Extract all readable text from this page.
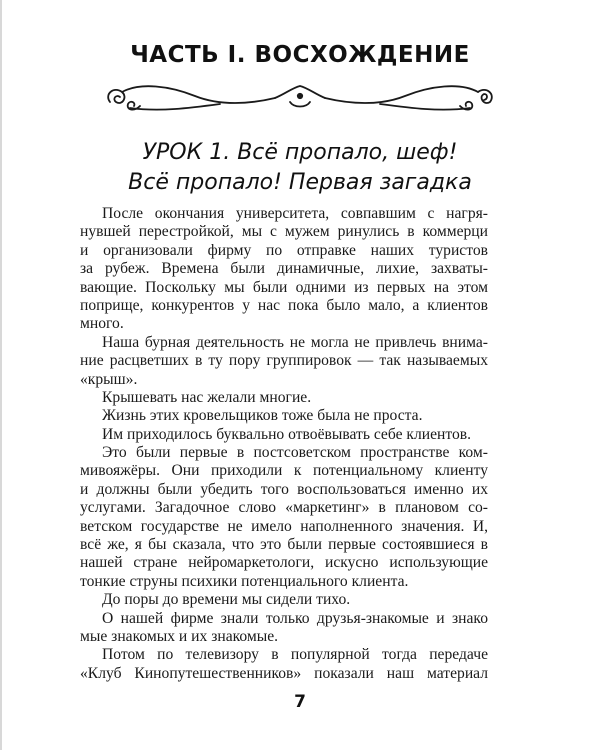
ЧАСТЬ I. ВОСХОЖДЕНИЕ
УРОК 1. Всё пропало, шеф!
Всё пропало! Первая загадка
После окончания университета, совпавшим с нагря-
нувшей перестройкой, мы с мужем ринулись в коммерци
и организовали фирму по отправке наших туристов
за рубеж. Времена были динамичные, лихие, захваты-
вающие. Поскольку мы были одними из первых на этом
поприще, конкурентов у нас пока было мало, а клиентов
много.
Наша бурная деятельность не могла не привлечь внима-
ние расцветших в ту пору группировок — так называемых
«крыш».
Крышевать нас желали многие.
Жизнь этих кровельщиков тоже была не проста.
Им приходилось буквально отвоёвывать себе клиентов.
Это были первые в постсоветском пространстве ком-
мивояжёры. Они приходили к потенциальному клиенту
и должны были убедить того воспользоваться именно их
услугами. Загадочное слово «маркетинг» в плановом со-
ветском государстве не имело наполненного значения. И,
всё же, я бы сказала, что это были первые состоявшиеся в
нашей стране нейромаркетологи, искусно использующие
тонкие струны психики потенциального клиента.
До поры до времени мы сидели тихо.
О нашей фирме знали только друзья-знакомые и знако
мые знакомых и их знакомые.
Потом по телевизору в популярной тогда передаче
«Клуб Кинопутешественников» показали наш материал
7
